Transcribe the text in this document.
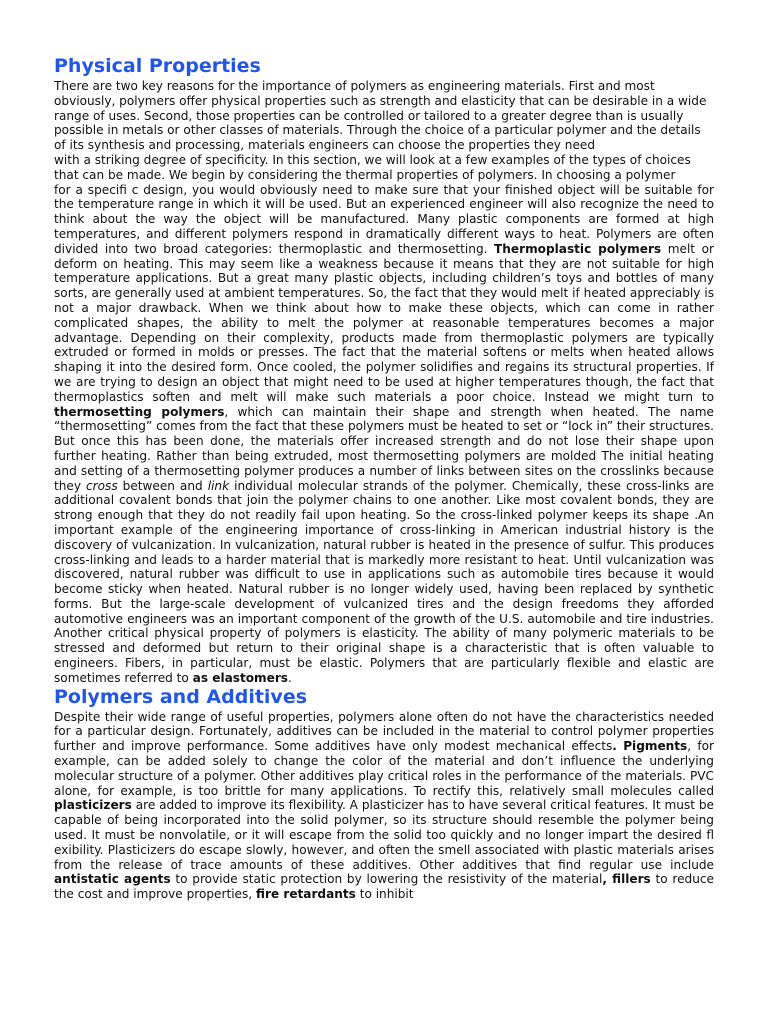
Physical Properties

There are two key reasons for the importance of polymers as engineering materials. First and most obviously, polymers offer physical properties such as strength and elasticity that can be desirable in a wide range of uses. Second, those properties can be controlled or tailored to a greater degree than is usually possible in metals or other classes of materials. Through the choice of a particular polymer and the details of its synthesis and processing, materials engineers can choose the properties they need
with a striking degree of specificity. In this section, we will look at a few examples of the types of choices that can be made. We begin by considering the thermal properties of polymers. In choosing a polymer

for a specifi c design, you would obviously need to make sure that your finished object will be suitable for the temperature range in which it will be used. But an experienced engineer will also recognize the need to think about the way the object will be manufactured. Many plastic components are formed at high temperatures, and different polymers respond in dramatically different ways to heat. Polymers are often divided into two broad categories: thermoplastic and thermosetting. Thermoplastic polymers melt or deform on heating. This may seem like a weakness because it means that they are not suitable for high temperature applications. But a great many plastic objects, including children’s toys and bottles of many sorts, are generally used at ambient temperatures. So, the fact that they would melt if heated appreciably is not a major drawback. When we think about how to make these objects, which can come in rather complicated shapes, the ability to melt the polymer at reasonable temperatures becomes a major advantage. Depending on their complexity, products made from thermoplastic polymers are typically extruded or formed in molds or presses. The fact that the material softens or melts when heated allows shaping it into the desired form. Once cooled, the polymer solidifies and regains its structural properties. If we are trying to design an object that might need to be used at higher temperatures though, the fact that thermoplastics soften and melt will make such materials a poor choice. Instead we might turn to thermosetting polymers, which can maintain their shape and strength when heated. The name “thermosetting” comes from the fact that these polymers must be heated to set or “lock in” their structures. But once this has been done, the materials offer increased strength and do not lose their shape upon further heating. Rather than being extruded, most thermosetting polymers are molded The initial heating and setting of a thermosetting polymer produces a number of links between sites on the crosslinks because they cross between and link individual molecular strands of the polymer. Chemically, these cross-links are additional covalent bonds that join the polymer chains to one another. Like most covalent bonds, they are strong enough that they do not readily fail upon heating. So the cross-linked polymer keeps its shape .An important example of the engineering importance of cross-linking in American industrial history is the discovery of vulcanization. In vulcanization, natural rubber is heated in the presence of sulfur. This produces cross-linking and leads to a harder material that is markedly more resistant to heat. Until vulcanization was discovered, natural rubber was difficult to use in applications such as automobile tires because it would become sticky when heated. Natural rubber is no longer widely used, having been replaced by synthetic forms. But the large-scale development of vulcanized tires and the design freedoms they afforded automotive engineers was an important component of the growth of the U.S. automobile and tire industries. Another critical physical property of polymers is elasticity. The ability of many polymeric materials to be stressed and deformed but return to their original shape is a characteristic that is often valuable to engineers. Fibers, in particular, must be elastic. Polymers that are particularly flexible and elastic are sometimes referred to as elastomers.

Polymers and Additives

Despite their wide range of useful properties, polymers alone often do not have the characteristics needed for a particular design. Fortunately, additives can be included in the material to control polymer properties further and improve performance. Some additives have only modest mechanical effects. Pigments, for example, can be added solely to change the color of the material and don’t influence the underlying molecular structure of a polymer. Other additives play critical roles in the performance of the materials. PVC alone, for example, is too brittle for many applications. To rectify this, relatively small molecules called plasticizers are added to improve its flexibility. A plasticizer has to have several critical features. It must be capable of being incorporated into the solid polymer, so its structure should resemble the polymer being used. It must be nonvolatile, or it will escape from the solid too quickly and no longer impart the desired fl exibility. Plasticizers do escape slowly, however, and often the smell associated with plastic materials arises from the release of trace amounts of these additives. Other additives that find regular use include antistatic agents to provide static protection by lowering the resistivity of the material, fillers to reduce the cost and improve properties, fire retardants to inhibit
